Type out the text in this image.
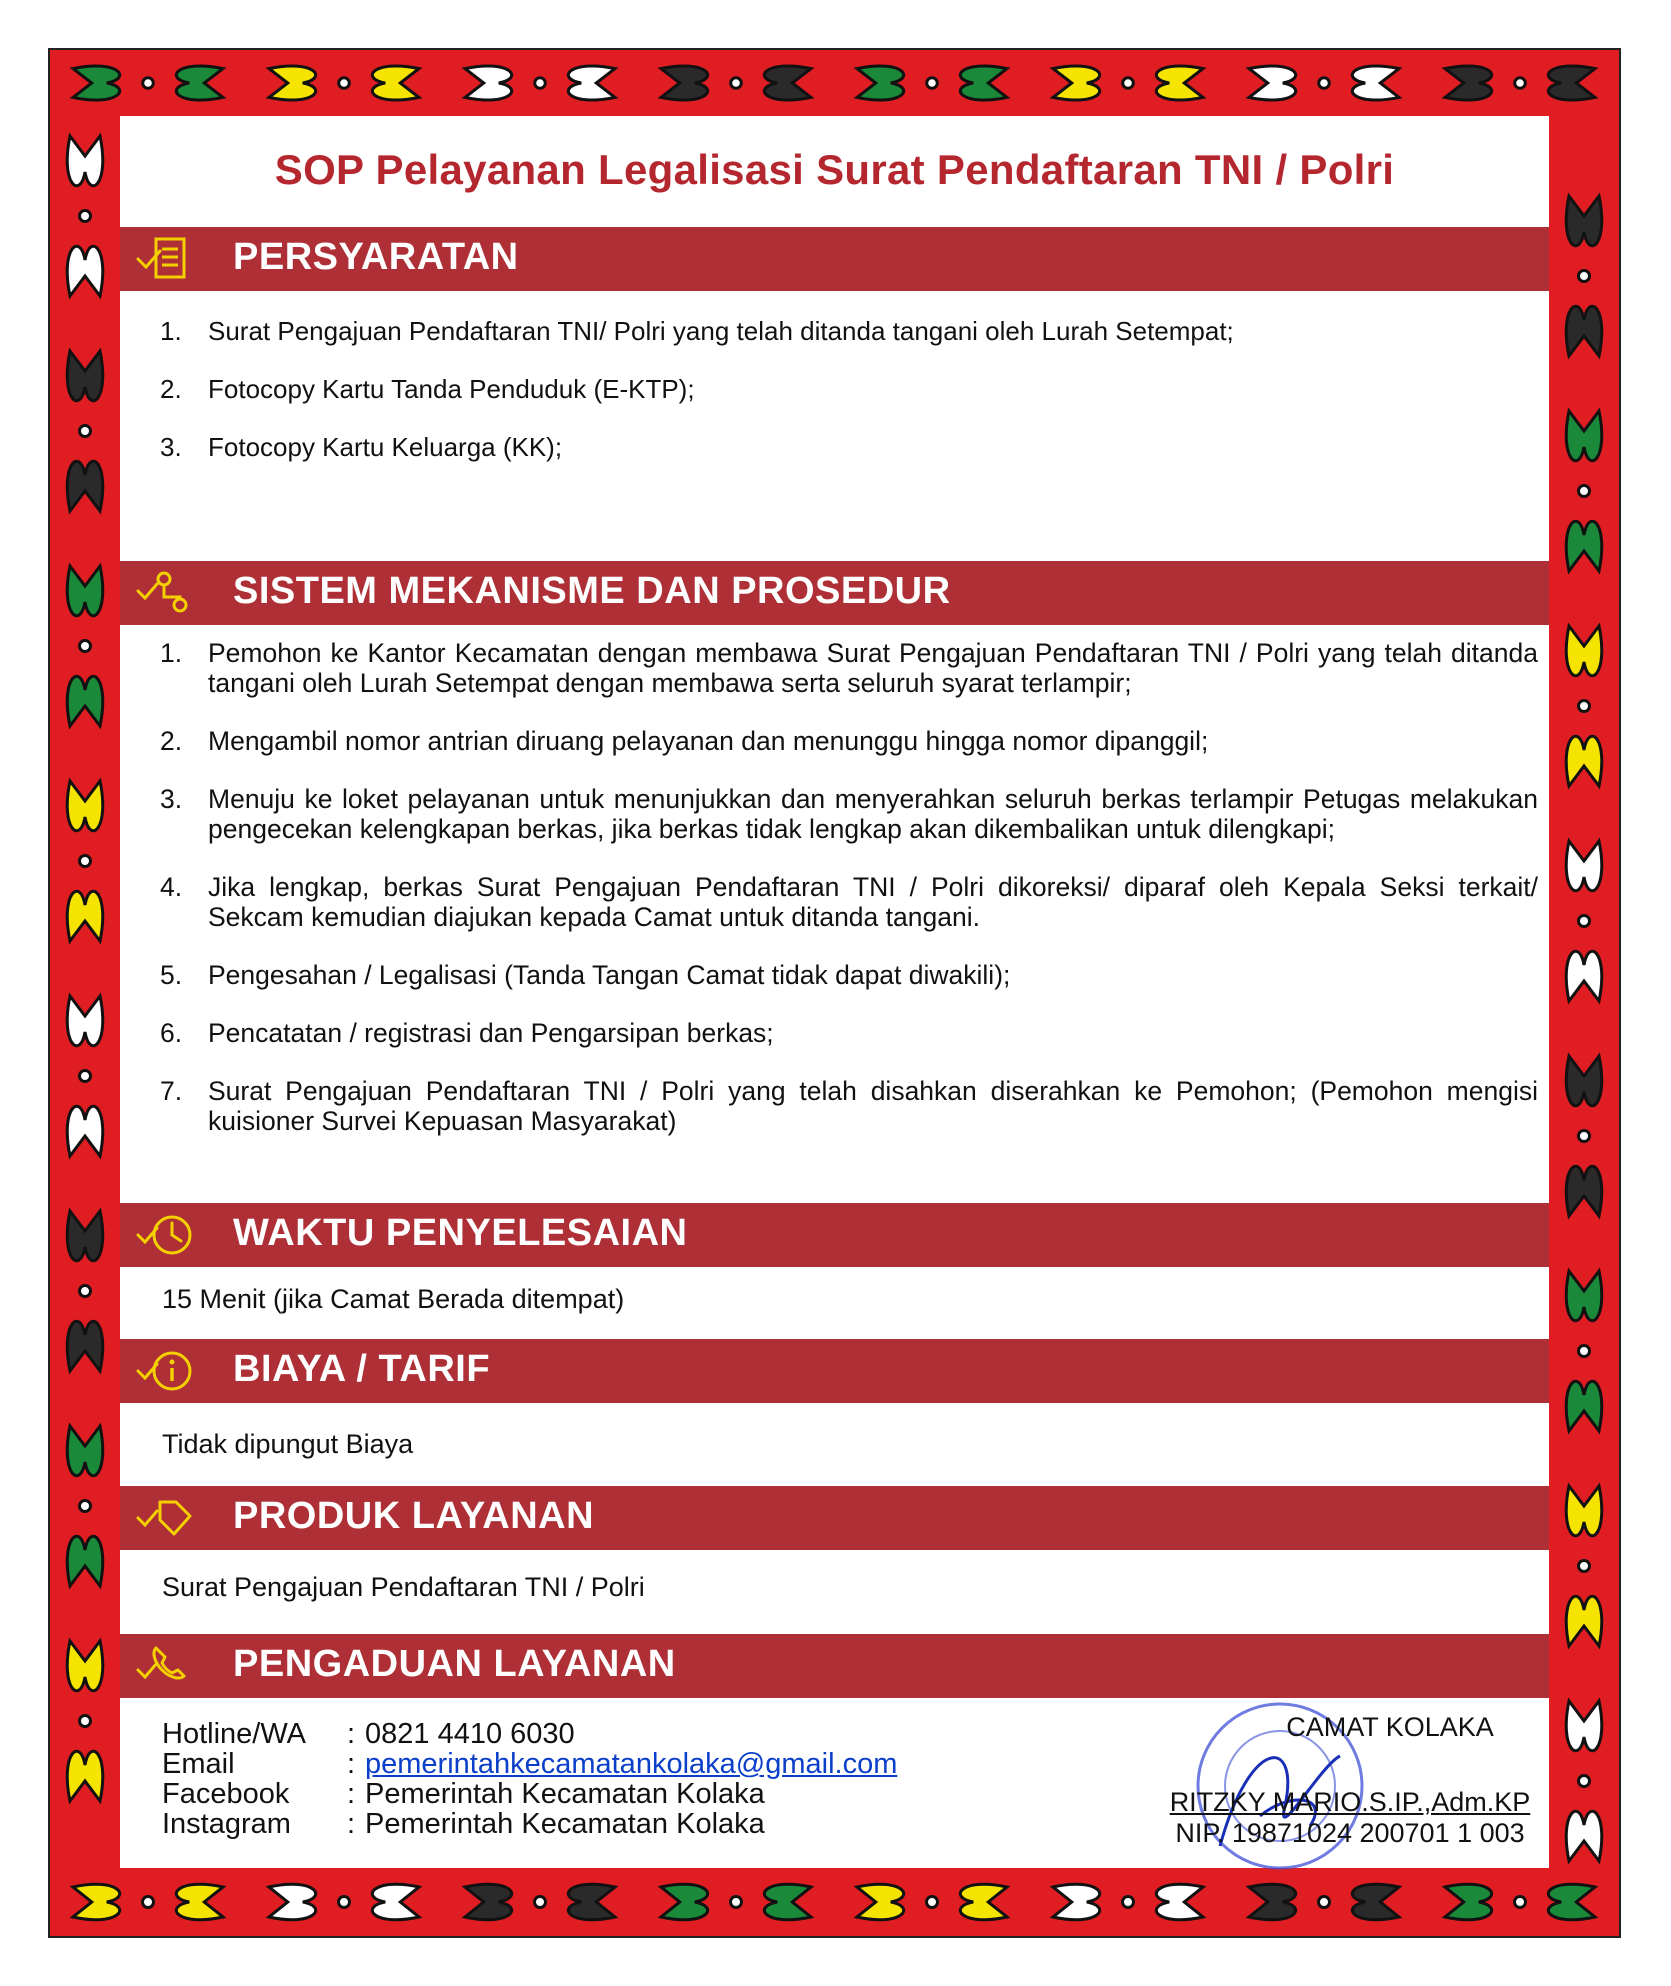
SOP Pelayanan Legalisasi Surat Pendaftaran TNI / Polri
PERSYARATAN
1.	Surat Pengajuan Pendaftaran TNI/ Polri yang telah ditanda tangani oleh Lurah Setempat;
2.	Fotocopy Kartu Tanda Penduduk (E-KTP);
3.	Fotocopy Kartu Keluarga (KK);
SISTEM MEKANISME DAN PROSEDUR
1. Pemohon ke Kantor Kecamatan dengan membawa Surat Pengajuan Pendaftaran TNI / Polri yang telah ditanda tangani oleh Lurah Setempat dengan membawa serta seluruh syarat terlampir;
2. Mengambil nomor antrian diruang pelayanan dan menunggu hingga nomor dipanggil;
3. Menuju ke loket pelayanan untuk menunjukkan dan menyerahkan seluruh berkas terlampir Petugas melakukan pengecekan kelengkapan berkas, jika berkas tidak lengkap akan dikembalikan untuk dilengkapi;
4. Jika lengkap, berkas Surat Pengajuan Pendaftaran TNI / Polri dikoreksi/ diparaf oleh Kepala Seksi terkait/ Sekcam kemudian diajukan kepada Camat untuk ditanda tangani.
5. Pengesahan / Legalisasi (Tanda Tangan Camat tidak dapat diwakili);
6. Pencatatan / registrasi dan Pengarsipan berkas;
7. Surat Pengajuan Pendaftaran TNI / Polri yang telah disahkan diserahkan ke Pemohon; (Pemohon mengisi kuisioner Survei Kepuasan Masyarakat)
WAKTU PENYELESAIAN
15 Menit (jika Camat Berada ditempat)
BIAYA / TARIF
Tidak dipungut Biaya
PRODUK LAYANAN
Surat Pengajuan Pendaftaran TNI / Polri
PENGADUAN LAYANAN
Hotline/WA	: 0821 4410 6030
Email	: pemerintahkecamatankolaka@gmail.com
Facebook	: Pemerintah Kecamatan Kolaka
Instagram	: Pemerintah Kecamatan Kolaka
CAMAT KOLAKA
RITZKY MARIO.S.IP.,Adm.KP
NIP. 19871024 200701 1 003
